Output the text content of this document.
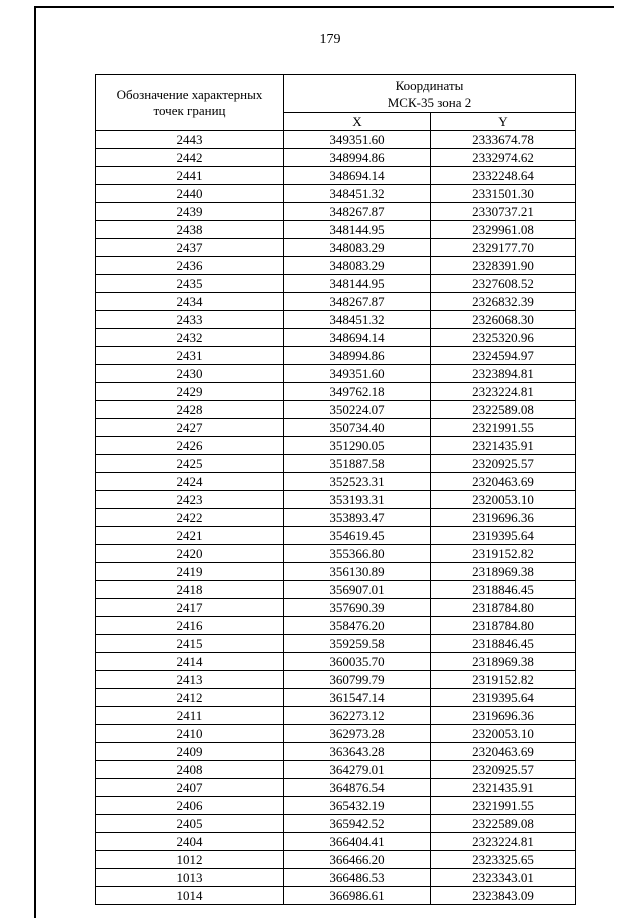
179
Обозначение характерных
точек границ

Координаты
МСК-35 зона 2

	X	Y
2443	349351.60	2333674.78
2442	348994.86	2332974.62
2441	348694.14	2332248.64
2440	348451.32	2331501.30
2439	348267.87	2330737.21
2438	348144.95	2329961.08
2437	348083.29	2329177.70
2436	348083.29	2328391.90
2435	348144.95	2327608.52
2434	348267.87	2326832.39
2433	348451.32	2326068.30
2432	348694.14	2325320.96
2431	348994.86	2324594.97
2430	349351.60	2323894.81
2429	349762.18	2323224.81
2428	350224.07	2322589.08
2427	350734.40	2321991.55
2426	351290.05	2321435.91
2425	351887.58	2320925.57
2424	352523.31	2320463.69
2423	353193.31	2320053.10
2422	353893.47	2319696.36
2421	354619.45	2319395.64
2420	355366.80	2319152.82
2419	356130.89	2318969.38
2418	356907.01	2318846.45
2417	357690.39	2318784.80
2416	358476.20	2318784.80
2415	359259.58	2318846.45
2414	360035.70	2318969.38
2413	360799.79	2319152.82
2412	361547.14	2319395.64
2411	362273.12	2319696.36
2410	362973.28	2320053.10
2409	363643.28	2320463.69
2408	364279.01	2320925.57
2407	364876.54	2321435.91
2406	365432.19	2321991.55
2405	365942.52	2322589.08
2404	366404.41	2323224.81
1012	366466.20	2323325.65
1013	366486.53	2323343.01
1014	366986.61	2323843.09
